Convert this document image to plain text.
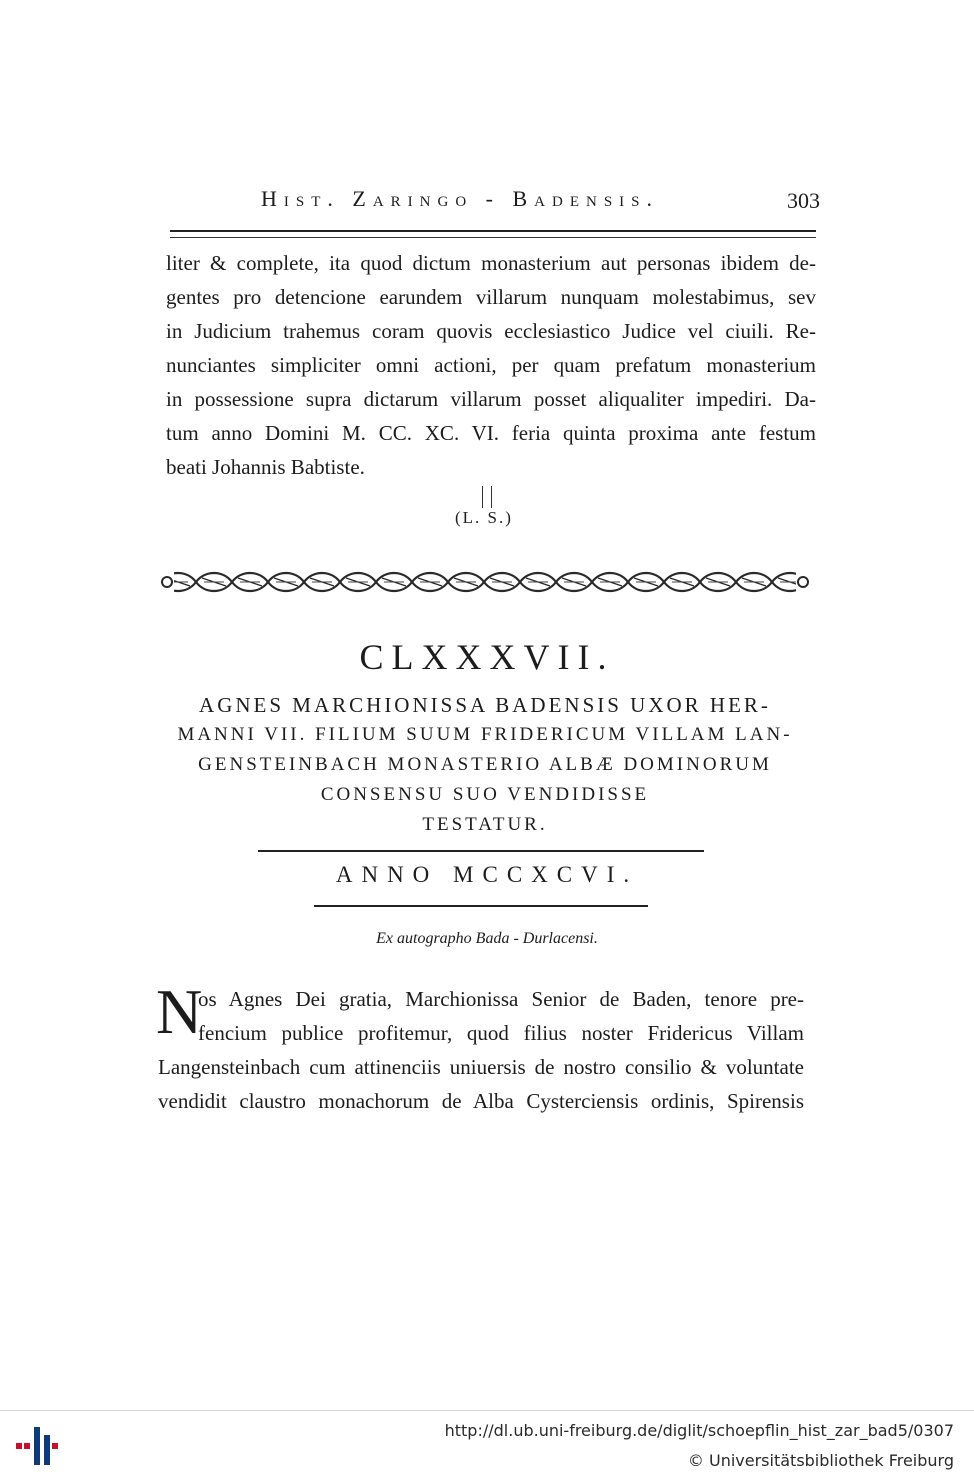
Hist. Zaringo - Badensis.	303
liter & complete, ita quod dictum monasterium aut personas ibidem de-
gentes pro detencione earundem villarum nunquam molestabimus, sev
in Judicium trahemus coram quovis ecclesiastico Judice vel ciuili. Re-
nunciantes simpliciter omni actioni, per quam prefatum monasterium
in possessione supra dictarum villarum posset aliqualiter impediri. Da-
tum anno Domini M. CC. XC. VI. feria quinta proxima ante festum
beati Johannis Babtiste.
(L. S.)
CLXXXVII.
AGNES MARCHIONISSA BADENSIS UXOR HER-
MANNI VII. FILIUM SUUM FRIDERICUM VILLAM LAN-
GENSTEINBACH MONASTERIO ALBÆ DOMINORUM
CONSENSU SUO VENDIDISSE
TESTATUR.
ANNO MCCXCVI.
Ex autographo Bada - Durlacensi.
N
os Agnes Dei gratia, Marchionissa Senior de Baden, tenore pre-
fencium publice profitemur, quod filius noster Fridericus Villam
Langensteinbach cum attinenciis uniuersis de nostro consilio & voluntate
vendidit claustro monachorum de Alba Cysterciensis ordinis, Spirensis
http://dl.ub.uni-freiburg.de/diglit/schoepflin_hist_zar_bad5/0307
© Universitätsbibliothek Freiburg
